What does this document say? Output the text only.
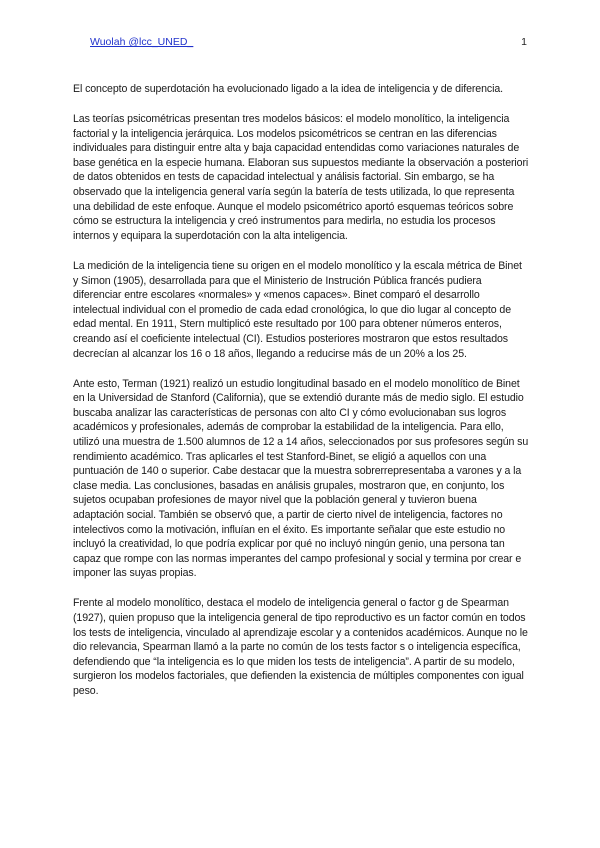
Wuolah @lcc_UNED_	1

El concepto de superdotación ha evolucionado ligado a la idea de inteligencia y de diferencia.

Las teorías psicométricas presentan tres modelos básicos: el modelo monolítico, la inteligencia factorial y la inteligencia jerárquica. Los modelos psicométricos se centran en las diferencias individuales para distinguir entre alta y baja capacidad entendidas como variaciones naturales de base genética en la especie humana. Elaboran sus supuestos mediante la observación a posteriori de datos obtenidos en tests de capacidad intelectual y análisis factorial. Sin embargo, se ha observado que la inteligencia general varía según la batería de tests utilizada, lo que representa una debilidad de este enfoque. Aunque el modelo psicométrico aportó esquemas teóricos sobre cómo se estructura la inteligencia y creó instrumentos para medirla, no estudia los procesos internos y equipara la superdotación con la alta inteligencia.

La medición de la inteligencia tiene su origen en el modelo monolítico y la escala métrica de Binet y Simon (1905), desarrollada para que el Ministerio de Instrución Pública francés pudiera diferenciar entre escolares «normales» y «menos capaces». Binet comparó el desarrollo intelectual individual con el promedio de cada edad cronológica, lo que dio lugar al concepto de edad mental. En 1911, Stern multiplicó este resultado por 100 para obtener números enteros, creando así el coeficiente intelectual (CI). Estudios posteriores mostraron que estos resultados decrecían al alcanzar los 16 o 18 años, llegando a reducirse más de un 20% a los 25.

Ante esto, Terman (1921) realizó un estudio longitudinal basado en el modelo monolítico de Binet en la Universidad de Stanford (California), que se extendió durante más de medio siglo. El estudio buscaba analizar las características de personas con alto CI y cómo evolucionaban sus logros académicos y profesionales, además de comprobar la estabilidad de la inteligencia. Para ello, utilizó una muestra de 1.500 alumnos de 12 a 14 años, seleccionados por sus profesores según su rendimiento académico. Tras aplicarles el test Stanford-Binet, se eligió a aquellos con una puntuación de 140 o superior. Cabe destacar que la muestra sobrerrepresentaba a varones y a la clase media. Las conclusiones, basadas en análisis grupales, mostraron que, en conjunto, los sujetos ocupaban profesiones de mayor nivel que la población general y tuvieron buena adaptación social. También se observó que, a partir de cierto nivel de inteligencia, factores no intelectivos como la motivación, influían en el éxito. Es importante señalar que este estudio no incluyó la creatividad, lo que podría explicar por qué no incluyó ningún genio, una persona tan capaz que rompe con las normas imperantes del campo profesional y social y termina por crear e imponer las suyas propias.

Frente al modelo monolítico, destaca el modelo de inteligencia general o factor g de Spearman (1927), quien propuso que la inteligencia general de tipo reproductivo es un factor común en todos los tests de inteligencia, vinculado al aprendizaje escolar y a contenidos académicos. Aunque no le dio relevancia, Spearman llamó a la parte no común de los tests factor s o inteligencia específica, defendiendo que “la inteligencia es lo que miden los tests de inteligencia”. A partir de su modelo, surgieron los modelos factoriales, que defienden la existencia de múltiples componentes con igual peso.
